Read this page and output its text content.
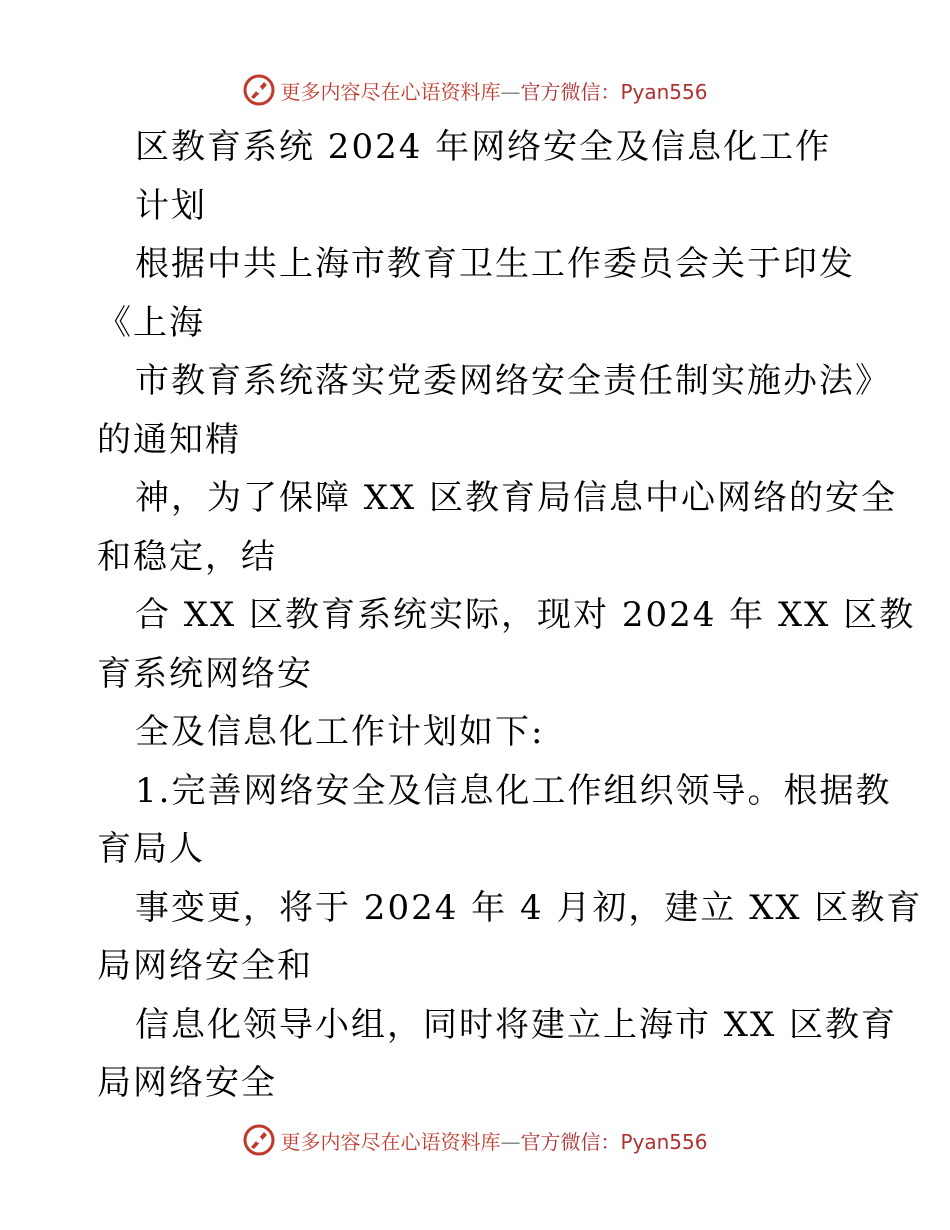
更多内容尽在心语资料库—官方微信：Pyan556
区教育系统 2024 年网络安全及信息化工作
计划
根据中共上海市教育卫生工作委员会关于印发
《上海
市教育系统落实党委网络安全责任制实施办法》
的通知精
神，为了保障 XX 区教育局信息中心网络的安全
和稳定，结
合 XX 区教育系统实际，现对 2024 年 XX 区教
育系统网络安
全及信息化工作计划如下:
1.完善网络安全及信息化工作组织领导。根据教
育局人
事变更，将于 2024 年 4 月初，建立 XX 区教育
局网络安全和
信息化领导小组，同时将建立上海市 XX 区教育
局网络安全
更多内容尽在心语资料库—官方微信：Pyan556
